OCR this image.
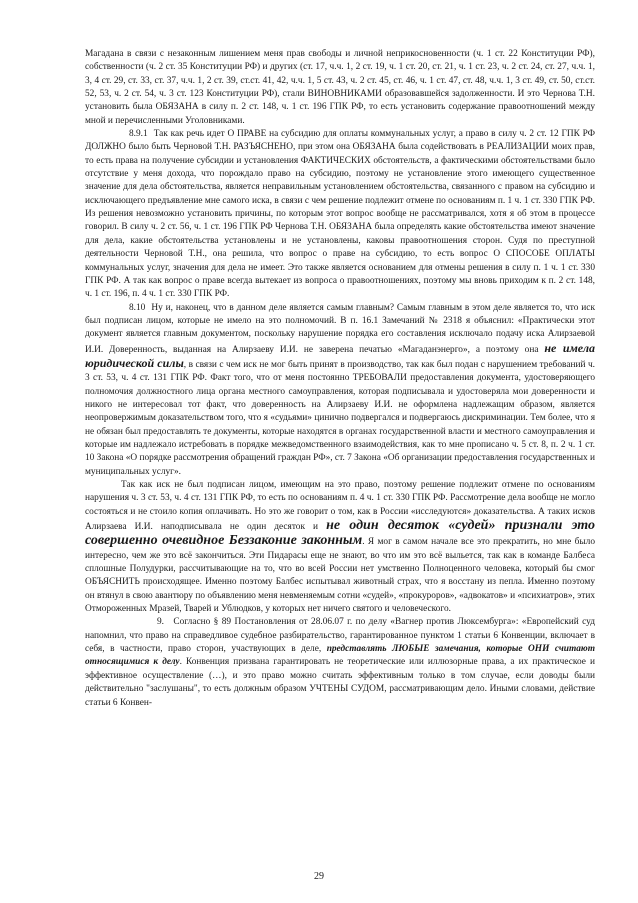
Магадана в связи с незаконным лишением меня прав свободы и личной неприкосновенности (ч. 1 ст. 22 Конституции РФ), собственности (ч. 2 ст. 35 Конституции РФ) и других (ст. 17, ч.ч. 1, 2 ст. 19, ч. 1 ст. 20, ст. 21, ч. 1 ст. 23, ч. 2 ст. 24, ст. 27, ч.ч. 1, 3, 4 ст. 29, ст. 33, ст. 37, ч.ч. 1, 2 ст. 39, ст.ст. 41, 42, ч.ч. 1, 5 ст. 43, ч. 2 ст. 45, ст. 46, ч. 1 ст. 47, ст. 48, ч.ч. 1, 3 ст. 49, ст. 50, ст.ст. 52, 53, ч. 2 ст. 54, ч. 3 ст. 123 Конституции РФ), стали ВИНОВНИКАМИ образовавшейся задолженности. И это Чернова Т.Н. установить была ОБЯЗАНА в силу п. 2 ст. 148, ч. 1 ст. 196 ГПК РФ, то есть установить содержание правоотношений между мной и перечисленными Уголовниками.

8.9.1 Так как речь идет О ПРАВЕ на субсидию для оплаты коммунальных услуг, а право в силу ч. 2 ст. 12 ГПК РФ ДОЛЖНО было быть Черновой Т.Н. РАЗЪЯСНЕНО, при этом она ОБЯЗАНА была содействовать в РЕАЛИЗАЦИИ моих прав, то есть права на получение субсидии и установления ФАКТИЧЕСКИХ обстоятельств, а фактическими обстоятельствами было отсутствие у меня дохода, что порождало право на субсидию, поэтому не установление этого имеющего существенное значение для дела обстоятельства, является неправильным установлением обстоятельства, связанного с правом на субсидию и исключающего предъявление мне самого иска, в связи с чем решение подлежит отмене по основаниям п. 1 ч. 1 ст. 330 ГПК РФ. Из решения невозможно установить причины, по которым этот вопрос вообще не рассматривался, хотя я об этом в процессе говорил. В силу ч. 2 ст. 56, ч. 1 ст. 196 ГПК РФ Чернова Т.Н. ОБЯЗАНА была определять какие обстоятельства имеют значение для дела, какие обстоятельства установлены и не установлены, каковы правоотношения сторон. Судя по преступной деятельности Черновой Т.Н., она решила, что вопрос о праве на субсидию, то есть вопрос О СПОСОБЕ ОПЛАТЫ коммунальных услуг, значения для дела не имеет. Это также является основанием для отмены решения в силу п. 1 ч. 1 ст. 330 ГПК РФ. А так как вопрос о праве всегда вытекает из вопроса о правоотношениях, поэтому мы вновь приходим к п. 2 ст. 148, ч. 1 ст. 196, п. 4 ч. 1 ст. 330 ГПК РФ.

8.10 Ну и, наконец, что в данном деле является самым главным? Самым главным в этом деле является то, что иск был подписан лицом, которые не имело на это полномочий. В п. 16.1 Замечаний № 2318 я объяснил: «Практически этот документ является главным документом, поскольку нарушение порядка его составления исключало подачу иска Алирзаевой И.И. Доверенность, выданная на Алирзаеву И.И. не заверена печатью «Магаданэнерго», а поэтому она не имела юридической силы, в связи с чем иск не мог быть принят в производство, так как был подан с нарушением требований ч. 3 ст. 53, ч. 4 ст. 131 ГПК РФ. Факт того, что от меня постоянно ТРЕБОВАЛИ предоставления документа, удостоверяющего полномочия должностного лица органа местного самоуправления, которая подписывала и удостоверяла мои доверенности и никого не интересовал тот факт, что доверенность на Алирзаеву И.И. не оформлена надлежащим образом, является неопровержимым доказательством того, что я «судьями» цинично подвергался и подвергаюсь дискриминации. Тем более, что я не обязан был предоставлять те документы, которые находятся в органах государственной власти и местного самоуправления и которые им надлежало истребовать в порядке межведомственного взаимодействия, как то мне прописано ч. 5 ст. 8, п. 2 ч. 1 ст. 10 Закона «О порядке рассмотрения обращений граждан РФ», ст. 7 Закона «Об организации предоставления государственных и муниципальных услуг».

Так как иск не был подписан лицом, имеющим на это право, поэтому решение подлежит отмене по основаниям нарушения ч. 3 ст. 53, ч. 4 ст. 131 ГПК РФ, то есть по основаниям п. 4 ч. 1 ст. 330 ГПК РФ. Рассмотрение дела вообще не могло состояться и не стоило копия оплачивать. Но это же говорит о том, как в России «исследуются» доказательства. А таких исков Алирзаева И.И. наподписывала не один десяток и не один десяток «судей» признали это совершенно очевидное Беззаконие законным. Я мог в самом начале все это прекратить, но мне было интересно, чем же это всё закончиться. Эти Пидарасы еще не знают, во что им это всё выльется, так как в команде Балбеса сплошные Полудурки, рассчитывающие на то, что во всей России нет умственно Полноценного человека, который бы смог ОБЪЯСНИТЬ происходящее. Именно поэтому Балбес испытывал животный страх, что я восстану из пепла. Именно поэтому он втянул в свою авантюру по объявлению меня невменяемым сотни «судей», «прокуроров», «адвокатов» и «психиатров», этих Отмороженных Мразей, Тварей и Ублюдков, у которых нет ничего святого и человеческого.

9. Согласно § 89 Постановления от 28.06.07 г. по делу «Вагнер против Люксембурга»: «Европейский суд напомнил, что право на справедливое судебное разбирательство, гарантированное пунктом 1 статьи 6 Конвенции, включает в себя, в частности, право сторон, участвующих в деле, представлять ЛЮБЫЕ замечания, которые ОНИ считают относящимися к делу. Конвенция призвана гарантировать не теоретические или иллюзорные права, а их практическое и эффективное осуществление (…), и это право можно считать эффективным только в том случае, если доводы были действительно "заслушаны", то есть должным образом УЧТЕНЫ СУДОМ, рассматривающим дело. Иными словами, действие статьи 6 Конвен-

29
